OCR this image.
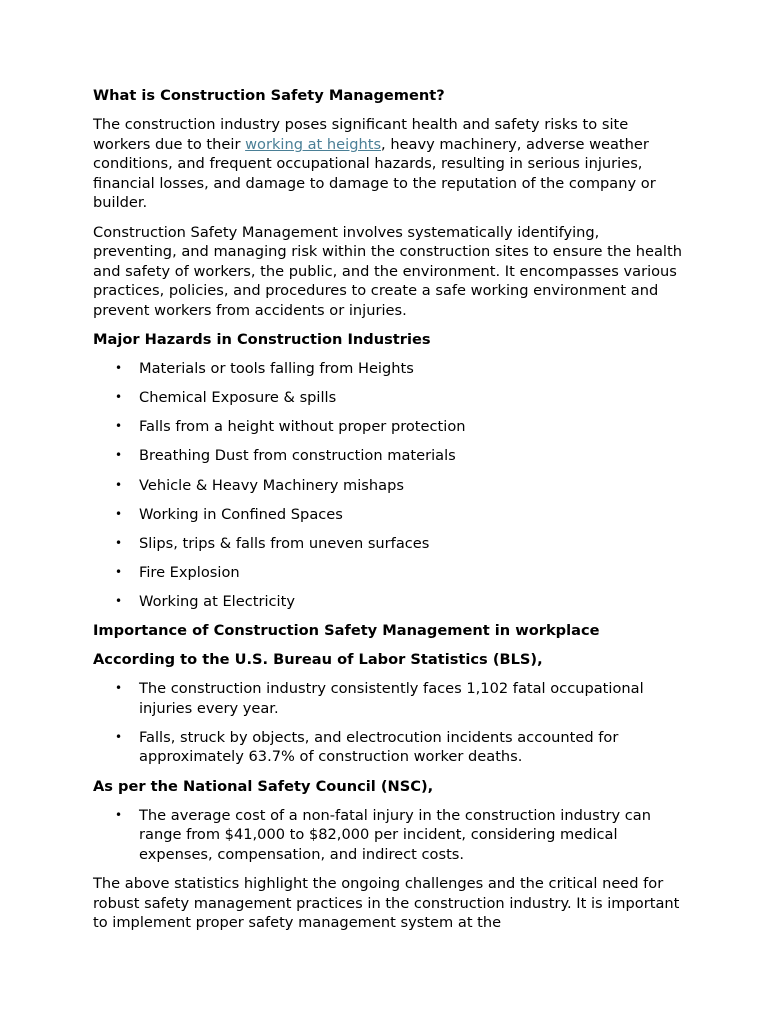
What is Construction Safety Management?

The construction industry poses significant health and safety risks to site workers due to their working at heights, heavy machinery, adverse weather conditions, and frequent occupational hazards, resulting in serious injuries, financial losses, and damage to damage to the reputation of the company or builder.

Construction Safety Management involves systematically identifying, preventing, and managing risk within the construction sites to ensure the health and safety of workers, the public, and the environment. It encompasses various practices, policies, and procedures to create a safe working environment and prevent workers from accidents or injuries.

Major Hazards in Construction Industries
• Materials or tools falling from Heights
• Chemical Exposure & spills
• Falls from a height without proper protection
• Breathing Dust from construction materials
• Vehicle & Heavy Machinery mishaps
• Working in Confined Spaces
• Slips, trips & falls from uneven surfaces
• Fire Explosion
• Working at Electricity
Importance of Construction Safety Management in workplace
According to the U.S. Bureau of Labor Statistics (BLS),
• The construction industry consistently faces 1,102 fatal occupational injuries every year.
• Falls, struck by objects, and electrocution incidents accounted for approximately 63.7% of construction worker deaths.
As per the National Safety Council (NSC),
• The average cost of a non-fatal injury in the construction industry can range from $41,000 to $82,000 per incident, considering medical expenses, compensation, and indirect costs.

The above statistics highlight the ongoing challenges and the critical need for robust safety management practices in the construction industry. It is important to implement proper safety management system at the
